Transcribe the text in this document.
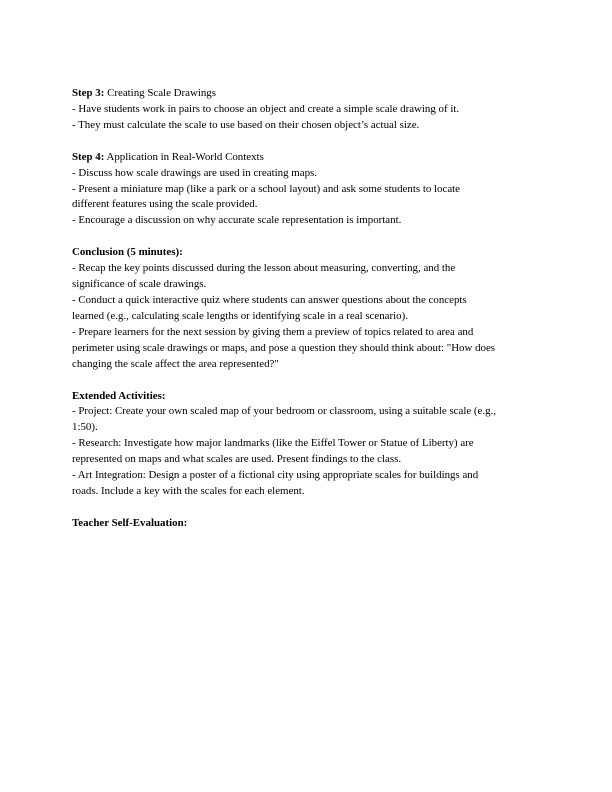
Step 3: Creating Scale Drawings
- Have students work in pairs to choose an object and create a simple scale drawing of it.
- They must calculate the scale to use based on their chosen object’s actual size.
Step 4: Application in Real-World Contexts
- Discuss how scale drawings are used in creating maps.
- Present a miniature map (like a park or a school layout) and ask some students to locate
different features using the scale provided.
- Encourage a discussion on why accurate scale representation is important.
Conclusion (5 minutes):
- Recap the key points discussed during the lesson about measuring, converting, and the
significance of scale drawings.
- Conduct a quick interactive quiz where students can answer questions about the concepts
learned (e.g., calculating scale lengths or identifying scale in a real scenario).
- Prepare learners for the next session by giving them a preview of topics related to area and
perimeter using scale drawings or maps, and pose a question they should think about: "How does
changing the scale affect the area represented?"
Extended Activities:
- Project: Create your own scaled map of your bedroom or classroom, using a suitable scale (e.g.,
1:50).
- Research: Investigate how major landmarks (like the Eiffel Tower or Statue of Liberty) are
represented on maps and what scales are used. Present findings to the class.
- Art Integration: Design a poster of a fictional city using appropriate scales for buildings and
roads. Include a key with the scales for each element.
Teacher Self-Evaluation:
